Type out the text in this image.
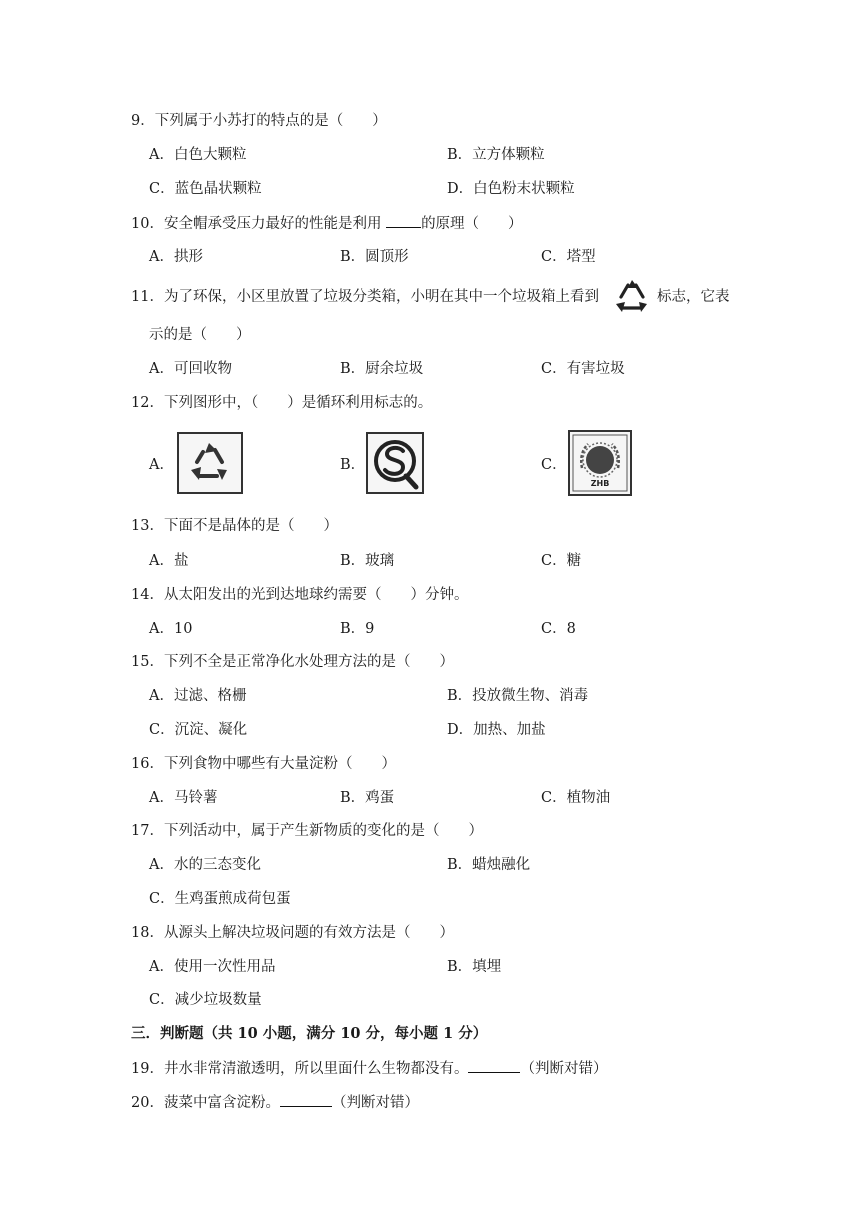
9．下列属于小苏打的特点的是（　　）
A．白色大颗粒	B．立方体颗粒
C．蓝色晶状颗粒	D．白色粉末状颗粒
10．安全帽承受压力最好的性能是利用	的原理（　　）
A．拱形	B．圆顶形	C．塔型
11．为了环保，小区里放置了垃圾分类箱，小明在其中一个垃圾箱上看到	标志，它表
示的是（　　）
A．可回收物	B．厨余垃圾	C．有害垃圾
12．下列图形中，（　　）是循环利用标志的。
A．	B．	C．
ZHB
13．下面不是晶体的是（　　）
A．盐	B．玻璃	C．糖
14．从太阳发出的光到达地球约需要（　　）分钟。
A．10	B．9	C．8
15．下列不全是正常净化水处理方法的是（　　）
A．过滤、格栅	B．投放微生物、消毒
C．沉淀、凝化	D．加热、加盐
16．下列食物中哪些有大量淀粉（　　）
A．马铃薯	B．鸡蛋	C．植物油
17．下列活动中，属于产生新物质的变化的是（　　）
A．水的三态变化	B．蜡烛融化
C．生鸡蛋煎成荷包蛋
18．从源头上解决垃圾问题的有效方法是（　　）
A．使用一次性用品	B．填埋
C．减少垃圾数量
三．判断题（共 10 小题，满分 10 分，每小题 1 分）
19．井水非常清澈透明，所以里面什么生物都没有。	（判断对错）
20．菠菜中富含淀粉。	（判断对错）
